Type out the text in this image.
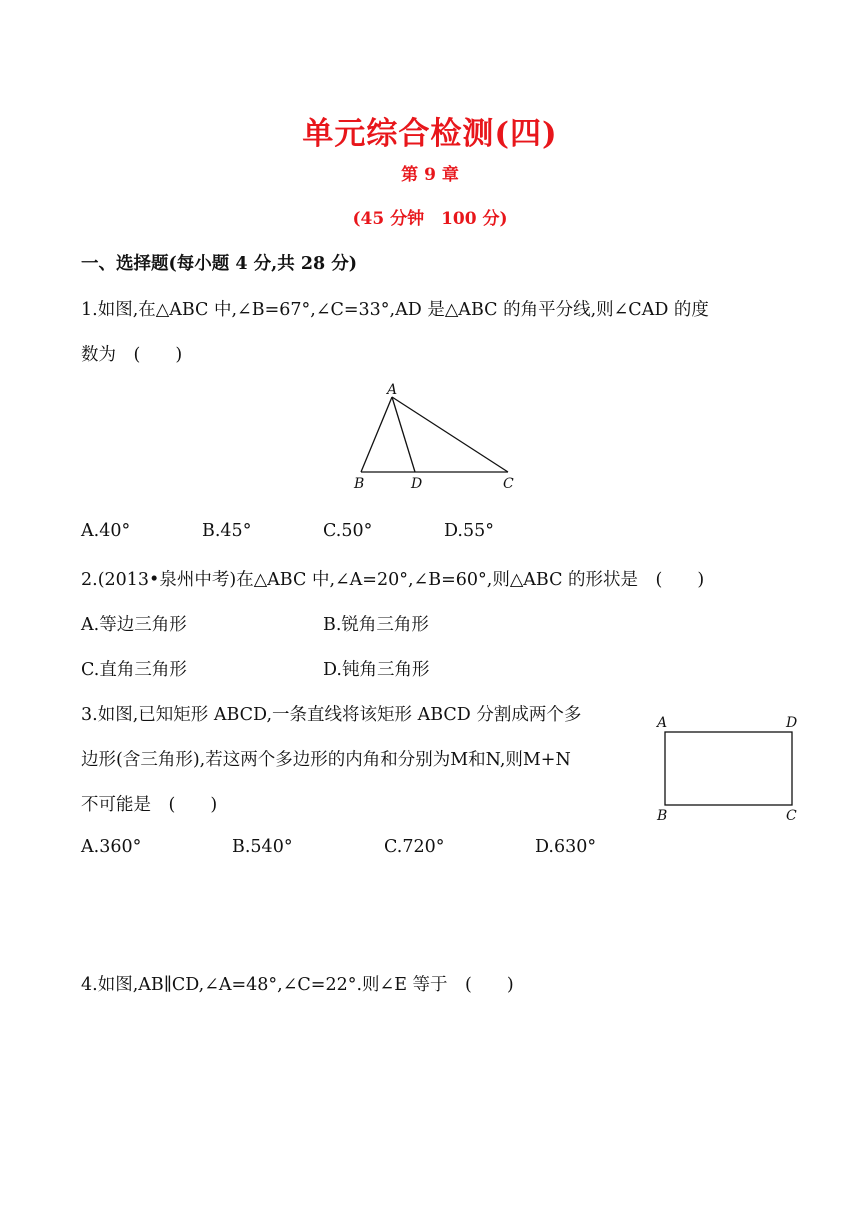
单元综合检测(四)
第 9 章
(45 分钟　100 分)
一、选择题(每小题 4 分,共 28 分)
1.如图,在△ABC 中,∠B=67°,∠C=33°,AD 是△ABC 的角平分线,则∠CAD 的度
数为　(　　)
A
B	D	C
A.40°	B.45°	C.50°	D.55°
2.(2013•泉州中考)在△ABC 中,∠A=20°,∠B=60°,则△ABC 的形状是　(　　)
A.等边三角形	B.锐角三角形
C.直角三角形	D.钝角三角形
3.如图,已知矩形 ABCD,一条直线将该矩形 ABCD 分割成两个多
边形(含三角形),若这两个多边形的内角和分别为M和N,则M+N
不可能是　(　　)
A	D
B	C
A.360°	B.540°	C.720°	D.630°
4.如图,AB∥CD,∠A=48°,∠C=22°.则∠E 等于　(　　)
